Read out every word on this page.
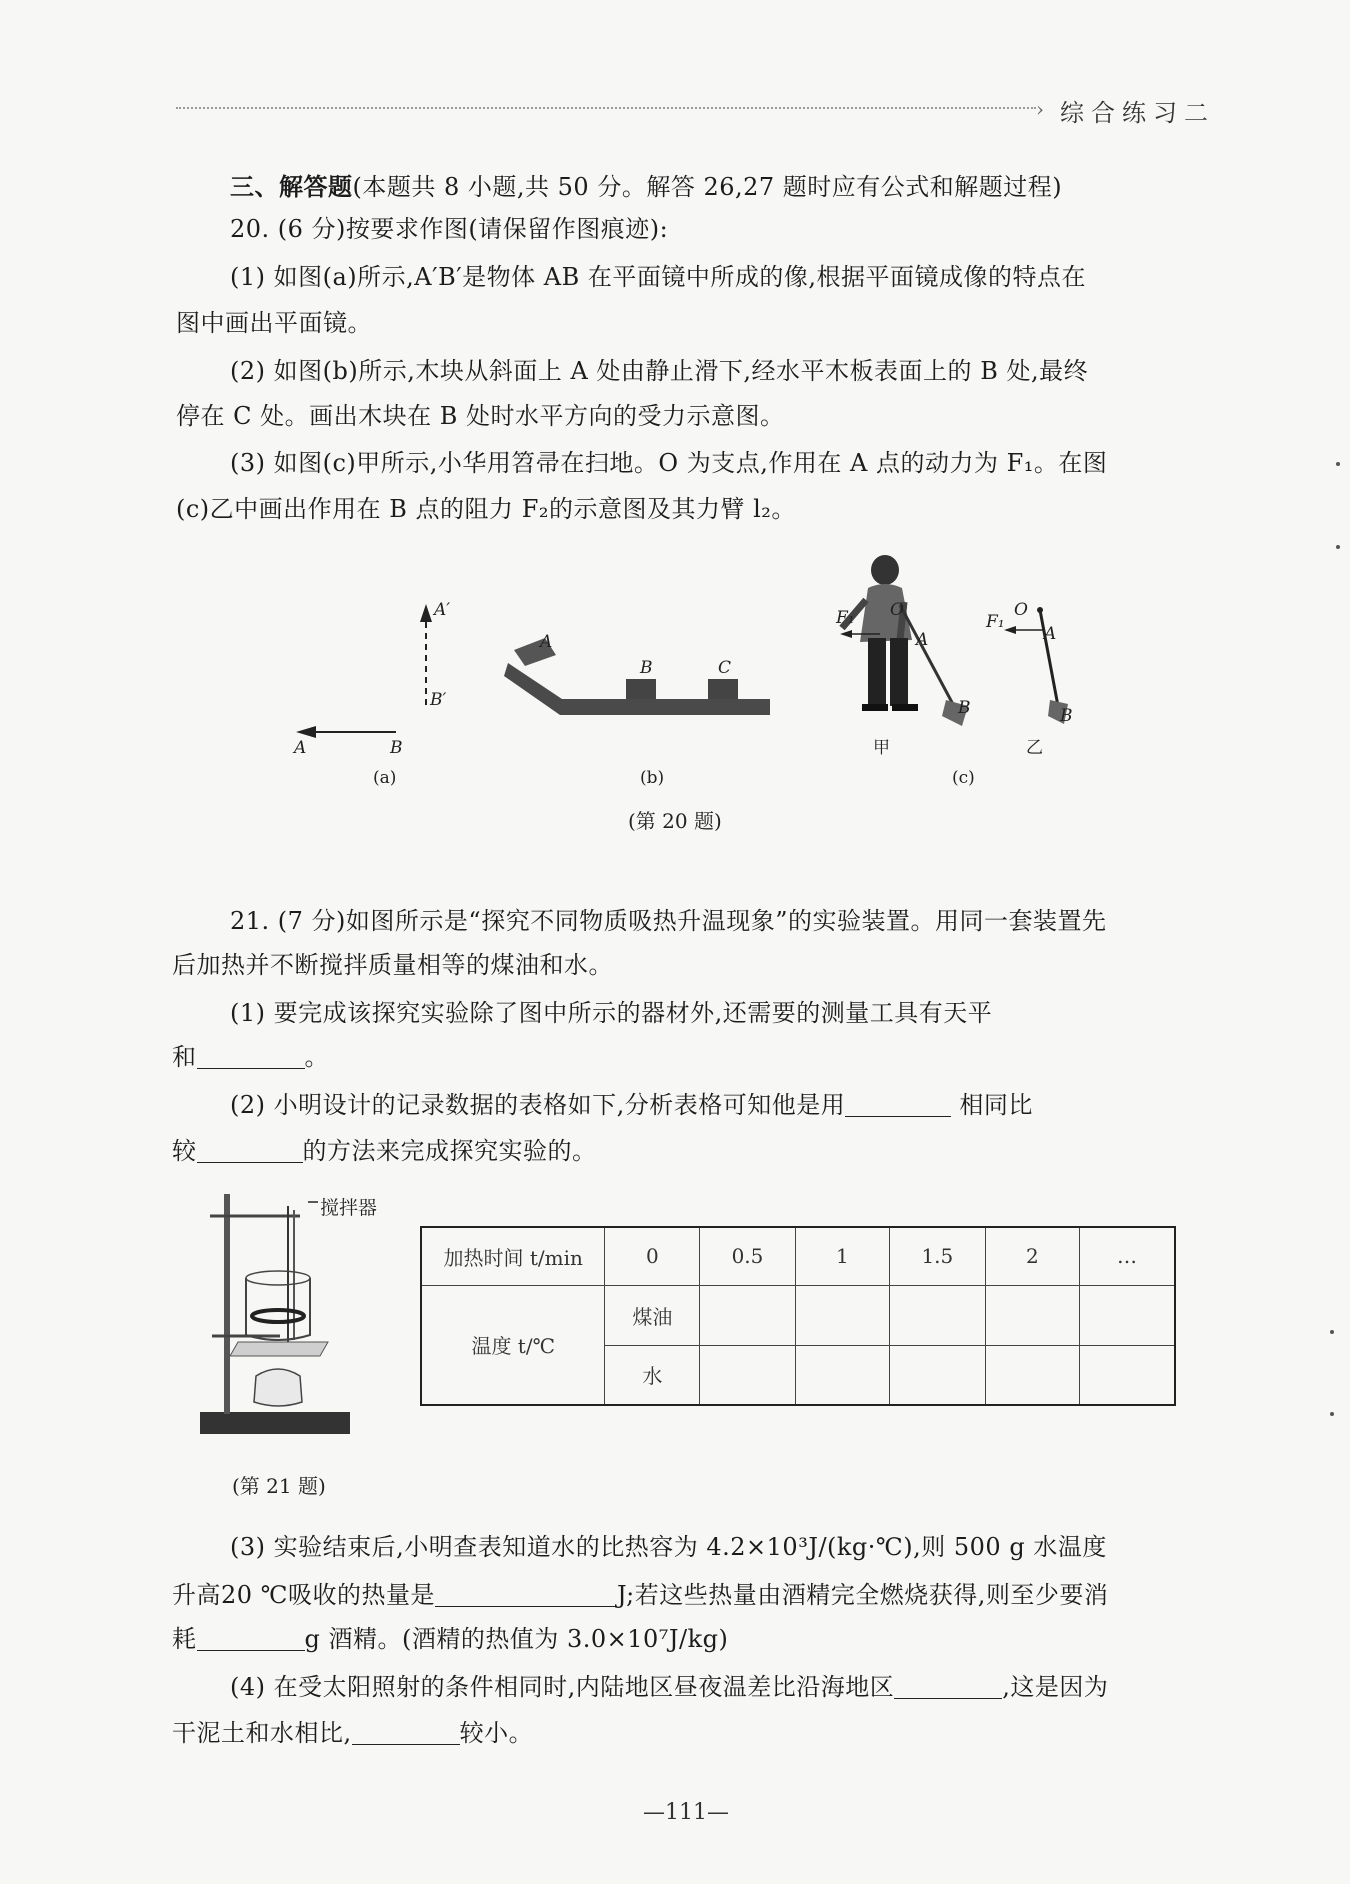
› 综合练习二
三、解答题(本题共 8 小题,共 50 分。解答 26,27 题时应有公式和解题过程)
20. (6 分)按要求作图(请保留作图痕迹):
(1) 如图(a)所示,A′B′是物体 AB 在平面镜中所成的像,根据平面镜成像的特点在
图中画出平面镜。
(2) 如图(b)所示,木块从斜面上 A 处由静止滑下,经水平木板表面上的 B 处,最终
停在 C 处。画出木块在 B 处时水平方向的受力示意图。
(3) 如图(c)甲所示,小华用笤帚在扫地。O 为支点,作用在 A 点的动力为 F₁。在图
(c)乙中画出作用在 B 点的阻力 F₂的示意图及其力臂 l₂。
A′
B′
A	B
(a)
A
B	C
(b)
F₁ O
A
B
甲
F₁
O
A
B
乙
(c)
(第 20 题)
21. (7 分)如图所示是“探究不同物质吸热升温现象”的实验装置。用同一套装置先
后加热并不断搅拌质量相等的煤油和水。
(1) 要完成该探究实验除了图中所示的器材外,还需要的测量工具有天平
和	。
(2) 小明设计的记录数据的表格如下,分析表格可知他是用	相同比
较	的方法来完成探究实验的。
搅拌器
(第 21 题)
加热时间 t/min	0	0.5	1	1.5	2	…
温度 t/℃	煤油					
	水					
(3) 实验结束后,小明查表知道水的比热容为 4.2×10³J/(kg·℃),则 500 g 水温度
升高20 ℃吸收的热量是	J;若这些热量由酒精完全燃烧获得,则至少要消
耗	g 酒精。(酒精的热值为 3.0×10⁷J/kg)
(4) 在受太阳照射的条件相同时,内陆地区昼夜温差比沿海地区	,这是因为
干泥土和水相比,	较小。
—111—
